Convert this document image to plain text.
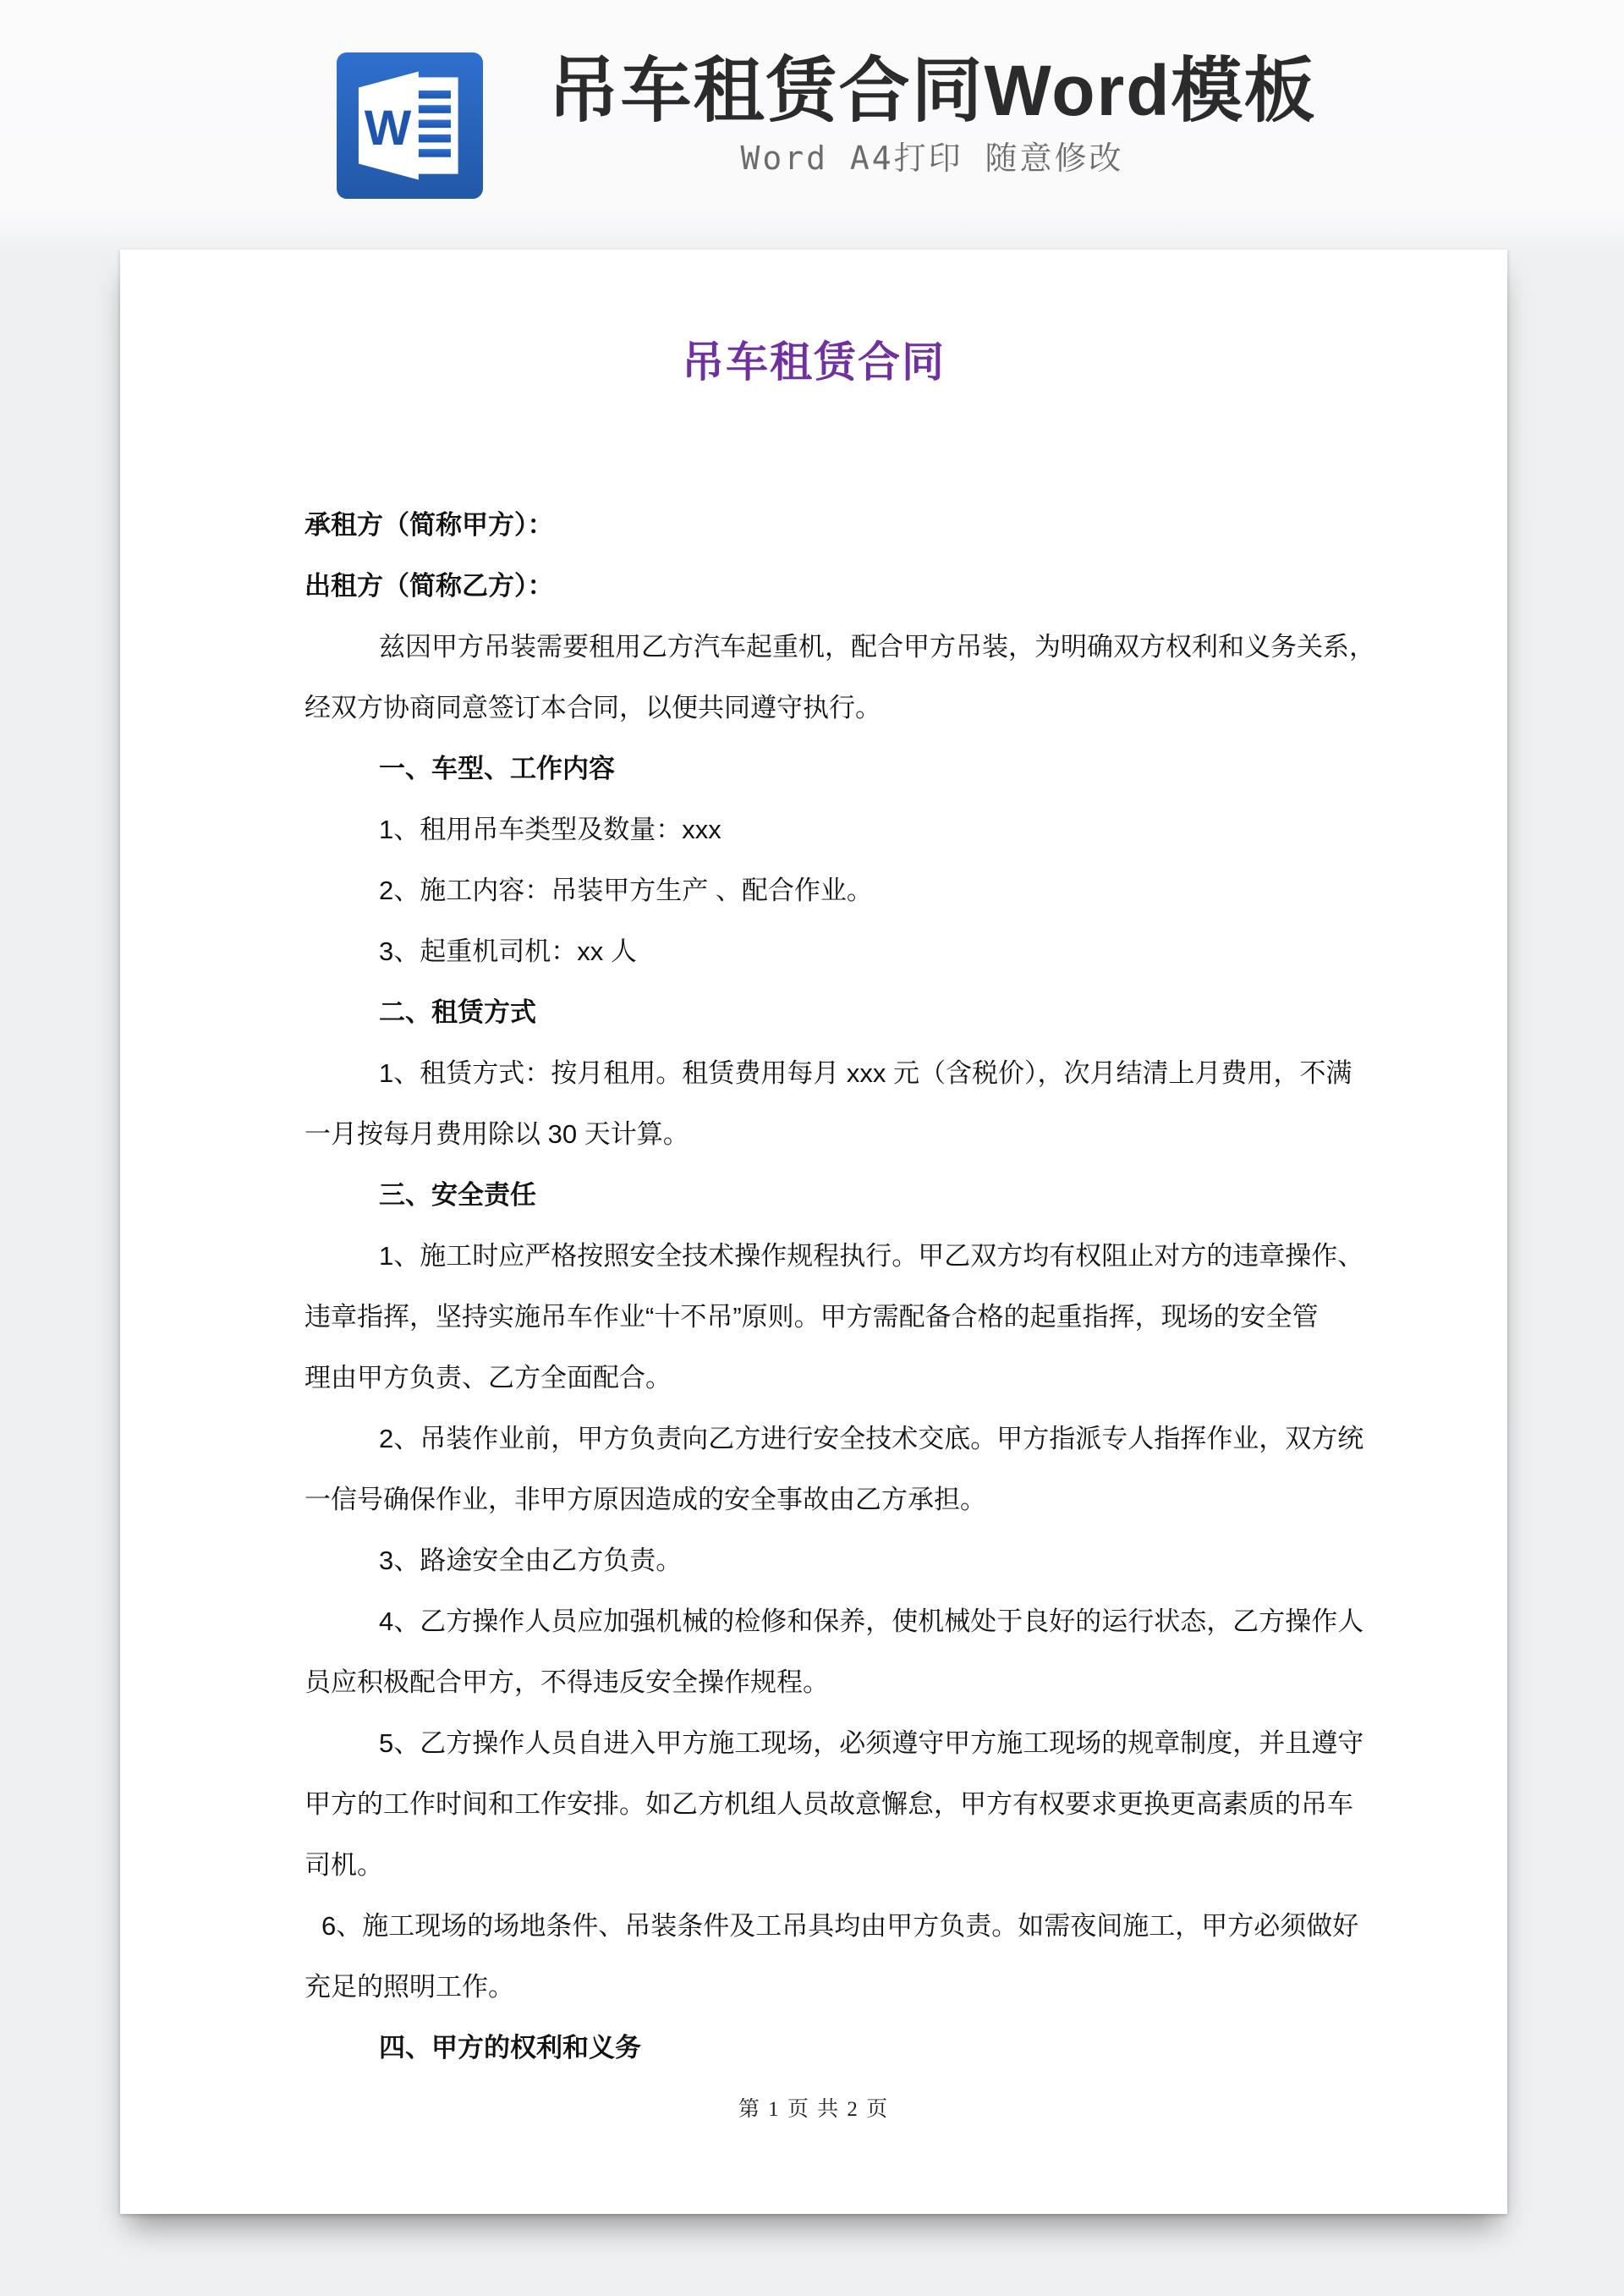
W	吊车租赁合同Word模板
Word A4打印 随意修改
吊车租赁合同
承租方（简称甲方）：
出租方（简称乙方）：
兹因甲方吊装需要租用乙方汽车起重机，配合甲方吊装，为明确双方权利和义务关系，
经双方协商同意签订本合同，以便共同遵守执行。
一、车型、工作内容
1、租用吊车类型及数量：xxx
2、施工内容：吊装甲方生产 、配合作业。
3、起重机司机：xx 人
二、租赁方式
1、租赁方式：按月租用。租赁费用每月 xxx 元（含税价），次月结清上月费用，不满
一月按每月费用除以 30 天计算。
三、安全责任
1、施工时应严格按照安全技术操作规程执行。甲乙双方均有权阻止对方的违章操作、
违章指挥，坚持实施吊车作业“十不吊”原则。甲方需配备合格的起重指挥，现场的安全管
理由甲方负责、乙方全面配合。
2、吊装作业前，甲方负责向乙方进行安全技术交底。甲方指派专人指挥作业，双方统
一信号确保作业，非甲方原因造成的安全事故由乙方承担。
3、路途安全由乙方负责。
4、乙方操作人员应加强机械的检修和保养，使机械处于良好的运行状态，乙方操作人
员应积极配合甲方，不得违反安全操作规程。
5、乙方操作人员自进入甲方施工现场，必须遵守甲方施工现场的规章制度，并且遵守
甲方的工作时间和工作安排。如乙方机组人员故意懈怠，甲方有权要求更换更高素质的吊车
司机。
6、施工现场的场地条件、吊装条件及工吊具均由甲方负责。如需夜间施工，甲方必须做好
充足的照明工作。
四、甲方的权利和义务
第 1 页 共 2 页
